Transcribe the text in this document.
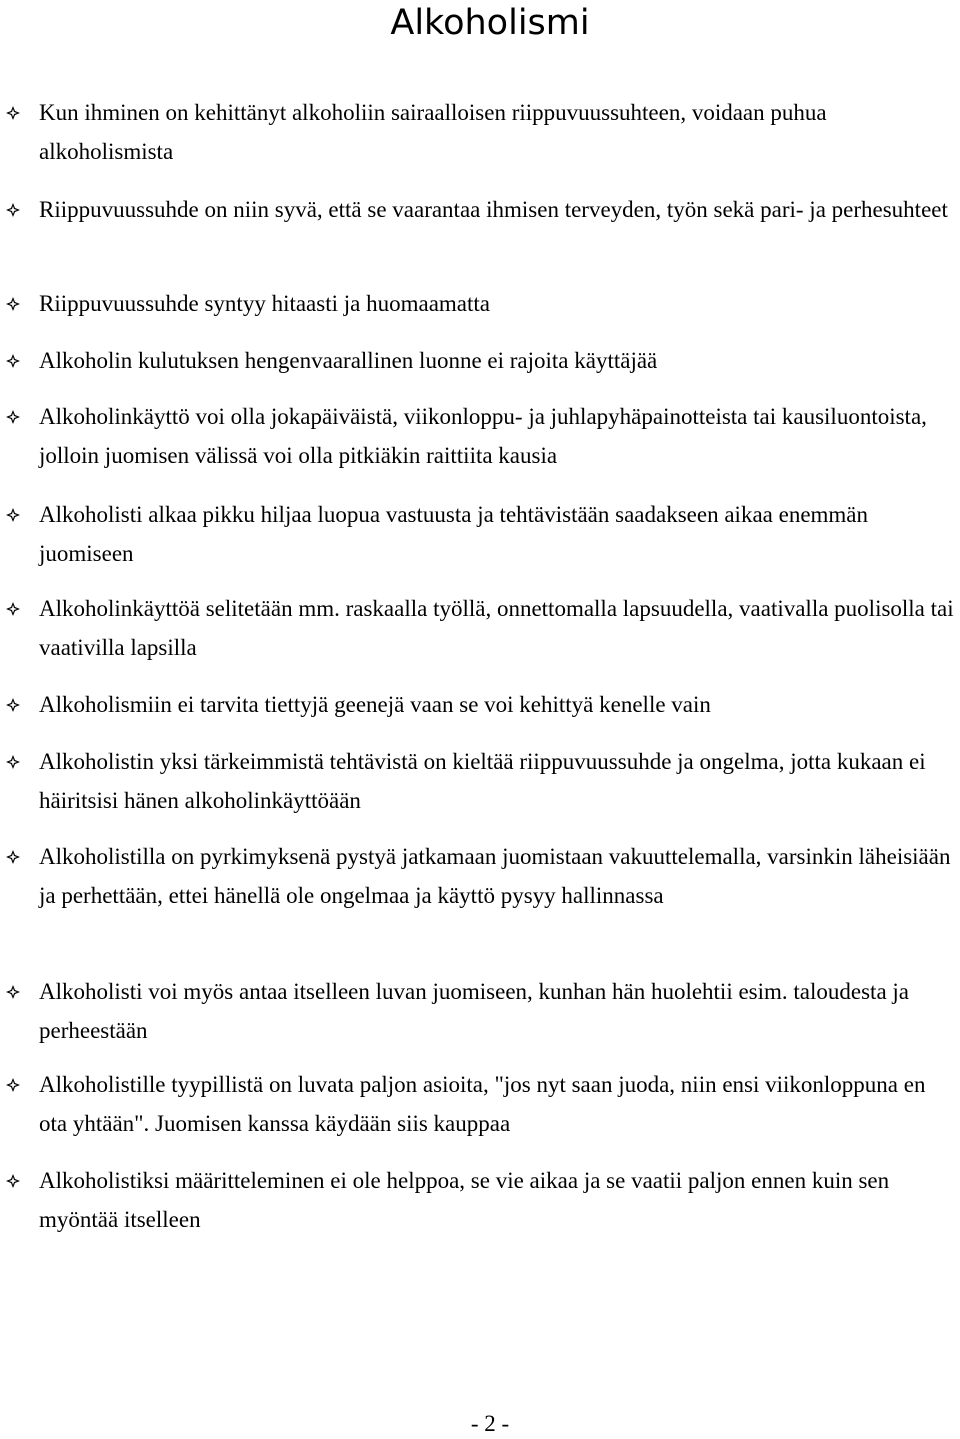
Alkoholismi
Kun ihminen on kehittänyt alkoholiin sairaalloisen riippuvuussuhteen, voidaan puhua alkoholismista
Riippuvuussuhde on niin syvä, että se vaarantaa ihmisen terveyden, työn sekä pari- ja perhesuhteet
Riippuvuussuhde syntyy hitaasti ja huomaamatta
Alkoholin kulutuksen hengenvaarallinen luonne ei rajoita käyttäjää
Alkoholinkäyttö voi olla jokapäiväistä, viikonloppu- ja juhlapyhäpainotteista tai kausiluontoista, jolloin juomisen välissä voi olla pitkiäkin raittiita kausia
Alkoholisti alkaa pikku hiljaa luopua vastuusta ja tehtävistään saadakseen aikaa enemmän juomiseen
Alkoholinkäyttöä selitetään mm. raskaalla työllä, onnettomalla lapsuudella, vaativalla puolisolla tai vaativilla lapsilla
Alkoholismiin ei tarvita tiettyjä geenejä vaan se voi kehittyä kenelle vain
Alkoholistin yksi tärkeimmistä tehtävistä on kieltää riippuvuussuhde ja ongelma, jotta kukaan ei häiritsisi hänen alkoholinkäyttöään
Alkoholistilla on pyrkimyksenä pystyä jatkamaan juomistaan vakuuttelemalla, varsinkin läheisiään ja perhettään, ettei hänellä ole ongelmaa ja käyttö pysyy hallinnassa
Alkoholisti voi myös antaa itselleen luvan juomiseen, kunhan hän huolehtii esim. taloudesta ja perheestään
Alkoholistille tyypillistä on luvata paljon asioita, "jos nyt saan juoda, niin ensi viikonloppuna en ota yhtään". Juomisen kanssa käydään siis kauppaa
Alkoholistiksi määritteleminen ei ole helppoa, se vie aikaa ja se vaatii paljon ennen kuin sen myöntää itselleen
- 2 -
